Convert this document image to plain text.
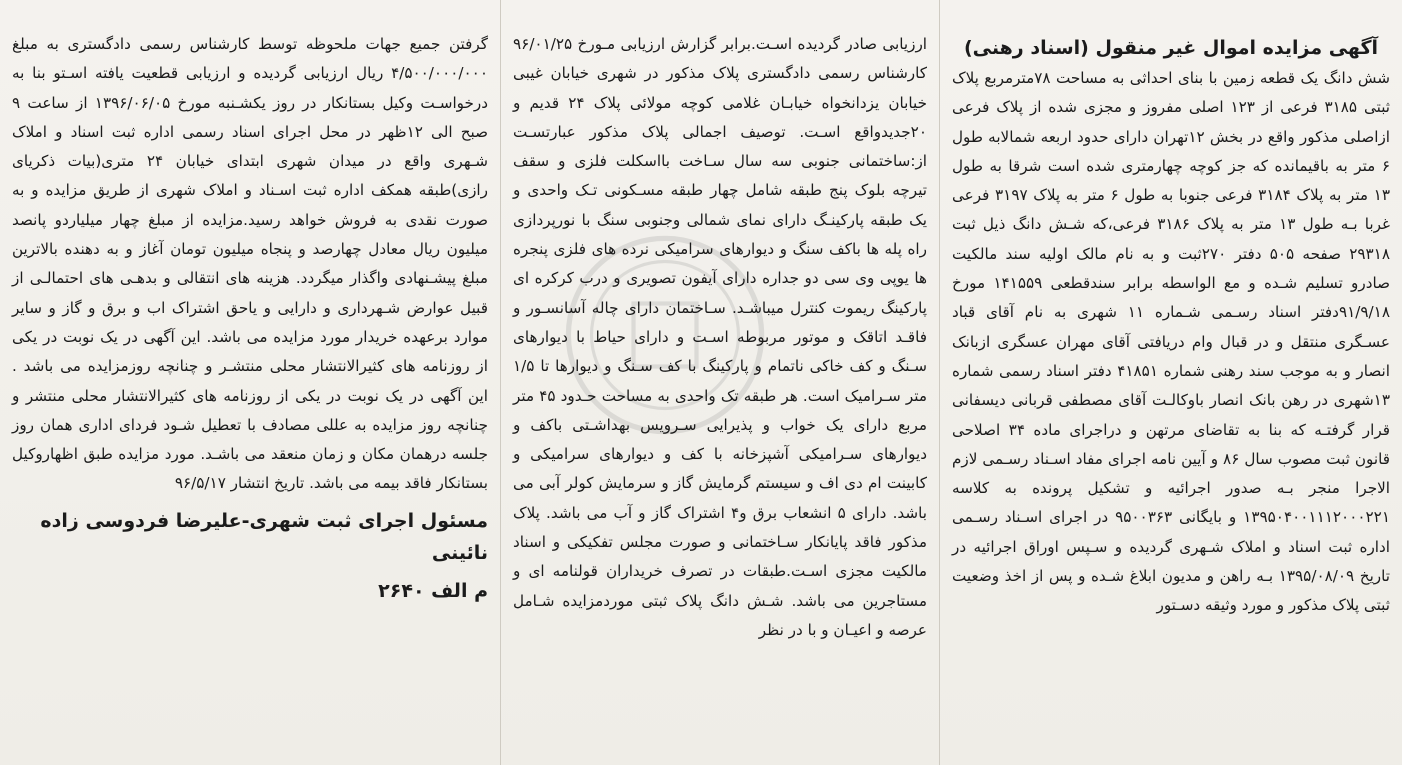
آگهی مزایده اموال غیر منقول (اسناد رهنی)

شش دانگ یک قطعه زمین با بنای احداثی به مساحت ۷۸مترمربع پلاک ثبتی ۳۱۸۵ فرعی از ۱۲۳ اصلی مفروز و مجزی شده از پلاک فرعی ازاصلی مذکور واقع در بخش ۱۲تهران دارای حدود اربعه شمالابه طول ۶ متر به باقیمانده که جز کوچه چهارمتری شده است شرقا به طول ۱۳ متر به پلاک ۳۱۸۴ فرعی جنوبا به طول ۶ متر به پلاک ۳۱۹۷ فرعی غربا بـه طول ۱۳ متر به پلاک ۳۱۸۶ فرعی،که شـش دانگ ذیل ثبت ۲۹۳۱۸ صفحه ۵۰۵ دفتر ۲۷۰ثبت و به نام مالک اولیه سند مالکیت صادرو تسلیم شـده و مع الواسطه برابر سندقطعی ۱۴۱۵۵۹ مورخ ۹۱/۹/۱۸دفتر اسناد رسـمی شـماره ۱۱ شهری به نام آقای قباد عسـگری منتقل و در قبال وام دریافتی آقای مهران عسگری ازبانک انصار و به موجب سند رهنی شماره ۴۱۸۵۱ دفتر اسناد رسمی شماره ۱۳شهری در رهن بانک انصار باوکالـت آقای مصطفی قربانی دیسفانی قرار گرفتـه که بنا به تقاضای مرتهن و دراجرای ماده ۳۴ اصلاحی قانون ثبت مصوب سال ۸۶ و آیین نامه اجرای مفاد اسـناد رسـمی لازم الاجرا منجر بـه صدور اجرائیه و تشکیل پرونده به کلاسه ۱۳۹۵۰۴۰۰۱۱۱۲۰۰۰۲۲۱ و بایگانی ۹۵۰۰۳۶۳ در اجرای اسـناد رسـمی اداره ثبت اسناد و املاک شـهری گردیده و سـپس اوراق اجرائیه در تاریخ ۱۳۹۵/۰۸/۰۹ بـه راهن و مدیون ابلاغ شـده و پس از اخذ وضعیت ثبتی پلاک مذکور و مورد وثیقه دسـتور

ارزیابی صادر گردیده اسـت.برابر گزارش ارزیابی مـورخ ۹۶/۰۱/۲۵ کارشناس رسمی دادگستری پلاک مذکور در شهری خیابان غیبی خیابان یزدانخواه خیابـان غلامی کوچه مولائی پلاک ۲۴ قدیم و ۲۰جدیدواقع اسـت. توصیف اجمالی پلاک مذکور عبارتسـت از:ساختمانی جنوبی سه سال سـاخت بااسکلت فلزی و سقف تیرچه بلوک پنج طبقه شامل چهار طبقه مسـکونی تـک واحدی و یک طبقه پارکینـگ دارای نمای شمالی وجنوبی سنگ با نورپردازی راه پله ها باکف سنگ و دیوارهای سرامیکی نرده های فلزی پنجره ها یوپی وی سی دو جداره دارای آیفون تصویری و درب کرکره ای پارکینگ ریموت کنترل میباشـد. سـاختمان دارای چاله آسانسـور و فاقـد اتاقک و موتور مربوطه اسـت و دارای حیاط با دیوارهای سـنگ و کف خاکی ناتمام و پارکینگ با کف سـنگ و دیوارها تا ۱/۵ متر سـرامیک است. هر طبقه تک واحدی به مساحت حـدود ۴۵ متر مربع دارای یک خواب و پذیرایی سـرویس بهداشـتی باکف و دیوارهای سـرامیکی آشپزخانه با کف و دیوارهای سرامیکی و کابینت ام دی اف و سیستم گرمایش گاز و سرمایش کولر آبی می باشد. دارای ۵ انشعاب برق و۴ اشتراک گاز و آب می باشد. پلاک مذکور فاقد پایانکار سـاختمانی و صورت مجلس تفکیکی و اسناد مالکیت مجزی اسـت.طبقات در تصرف خریداران قولنامه ای و مستاجرین می باشد. شـش دانگ پلاک ثبتی موردمزایده شـامل عرصه و اعیـان و با در نظر

گرفتن جمیع جهات ملحوظه توسط کارشناس رسمی دادگستری به مبلغ ۴/۵۰۰/۰۰۰/۰۰۰ ریال ارزیابی گردیده و ارزیابی قطعیت یافته اسـتو بنا به درخواسـت وکیل بستانکار در روز یکشـنبه مورخ ۱۳۹۶/۰۶/۰۵ از ساعت ۹ صبح الی ۱۲ظهر در محل اجرای اسناد رسمی اداره ثبت اسناد و املاک شـهری واقع در میدان شهری ابتدای خیابان ۲۴ متری(بیات ذکریای رازی)طبقه همکف اداره ثبت اسـناد و املاک شهری از طریق مزایده و به صورت نقدی به فروش خواهد رسید.مزایده از مبلغ چهار میلیاردو پانصد میلیون ریال معادل چهارصد و پنجاه میلیون تومان آغاز و به دهنده بالاترین مبلغ پیشـنهادی واگذار میگردد. هزینه های انتقالی و بدهـی های احتمالـی از قبیل عوارض شـهرداری و دارایی و یاحق اشتراک اب و برق و گاز و سایر موارد برعهده خریدار مورد مزایده می باشد. این آگهی در یک نوبت در یکی از روزنامه های کثیرالانتشار محلی منتشـر و چنانچه روزمزایده می باشد . این آگهی در یک نوبت در یکی از روزنامه های کثیرالانتشار محلی منتشر و چنانچه روز مزایده به عللی مصادف با تعطیل شـود فردای اداری همان روز جلسه درهمان مکان و زمان منعقد می باشـد. مورد مزایده طبق اظهاروکیل بستانکار فاقد بیمه می باشد. تاریخ انتشار ۹۶/۵/۱۷

مسئول اجرای ثبت شهری-علیرضا فردوسی زاده نائینی
م الف ۲۶۴۰
